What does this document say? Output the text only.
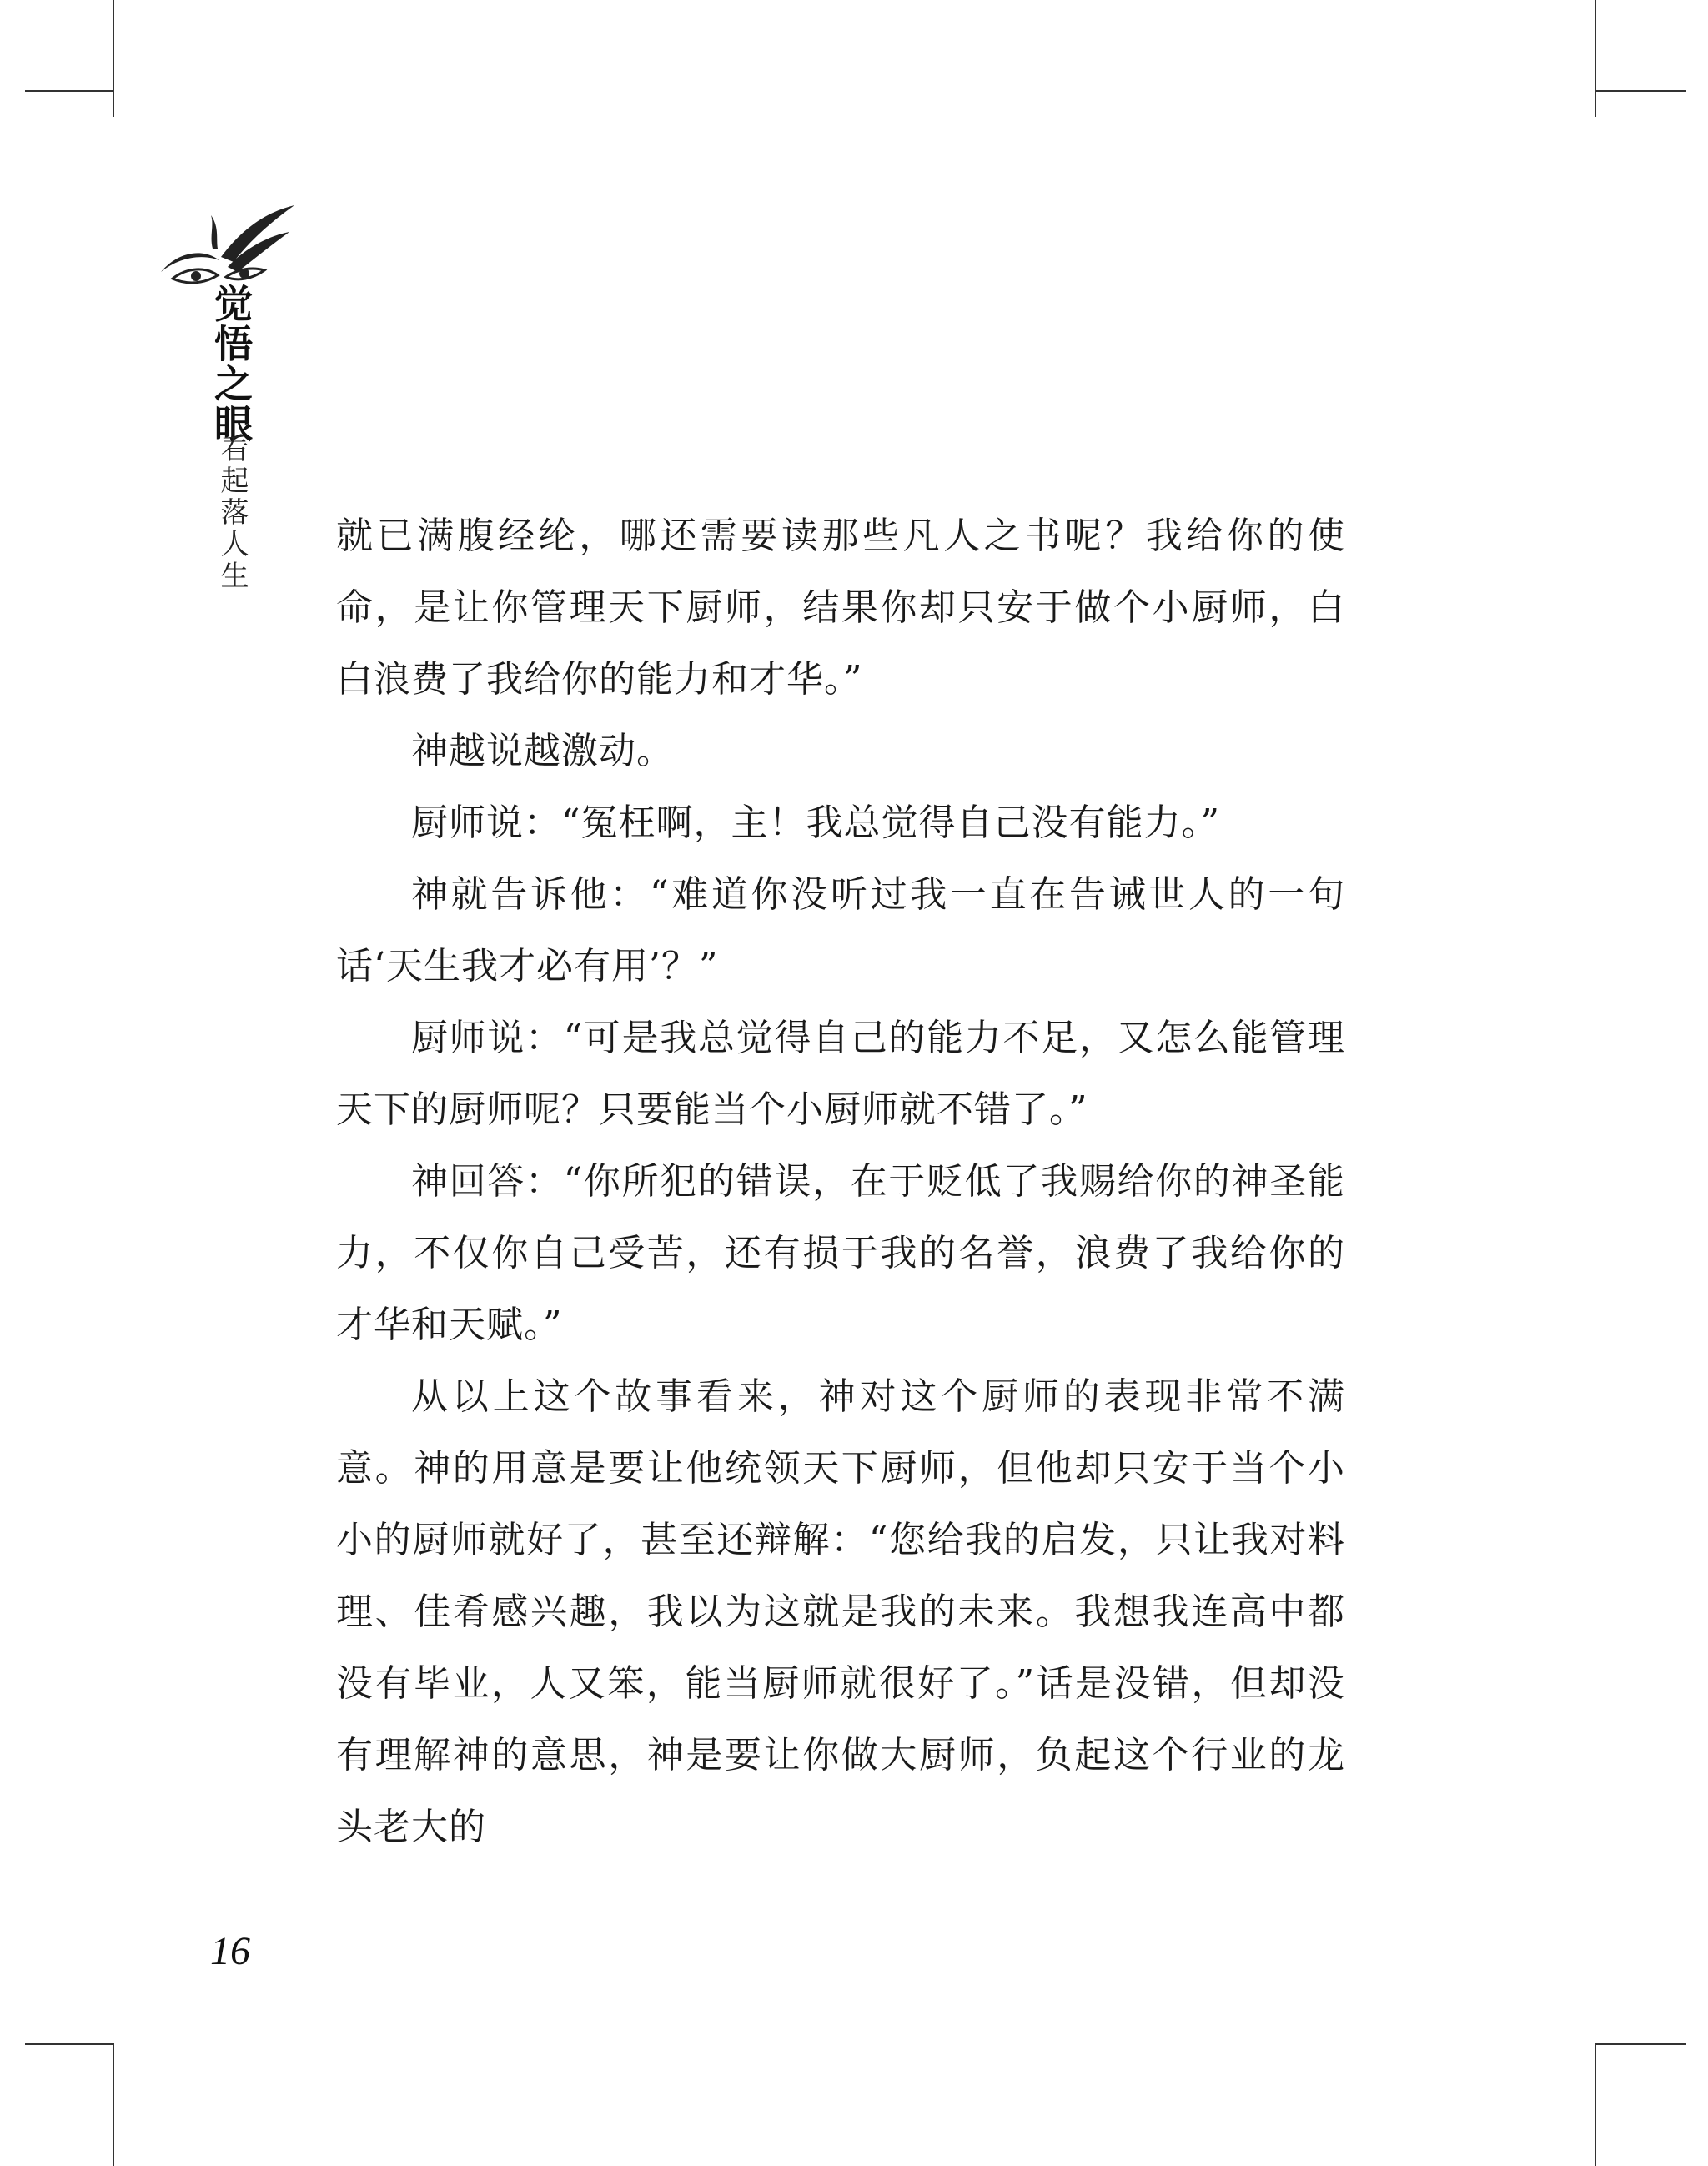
觉悟之眼
看起落人生 就已满腹经纶，哪还需要读那些凡人之书呢？我给你的使命，是让你管理天下厨师，结果你却只安于做个小厨师，白白浪费了我给你的能力和才华。”

神越说越激动。

厨师说：“冤枉啊，主！我总觉得自己没有能力。”

神就告诉他：“难道你没听过我一直在告诫世人的一句话‘天生我才必有用’？”

厨师说：“可是我总觉得自己的能力不足，又怎么能管理天下的厨师呢？只要能当个小厨师就不错了。”

神回答：“你所犯的错误，在于贬低了我赐给你的神圣能力，不仅你自己受苦，还有损于我的名誉，浪费了我给你的才华和天赋。”

从以上这个故事看来，神对这个厨师的表现非常不满意。神的用意是要让他统领天下厨师，但他却只安于当个小小的厨师就好了，甚至还辩解：“您给我的启发，只让我对料理、佳肴感兴趣，我以为这就是我的未来。我想我连高中都没有毕业，人又笨，能当厨师就很好了。”话是没错，但却没有理解神的意思，神是要让你做大厨师，负起这个行业的龙头老大的

16
